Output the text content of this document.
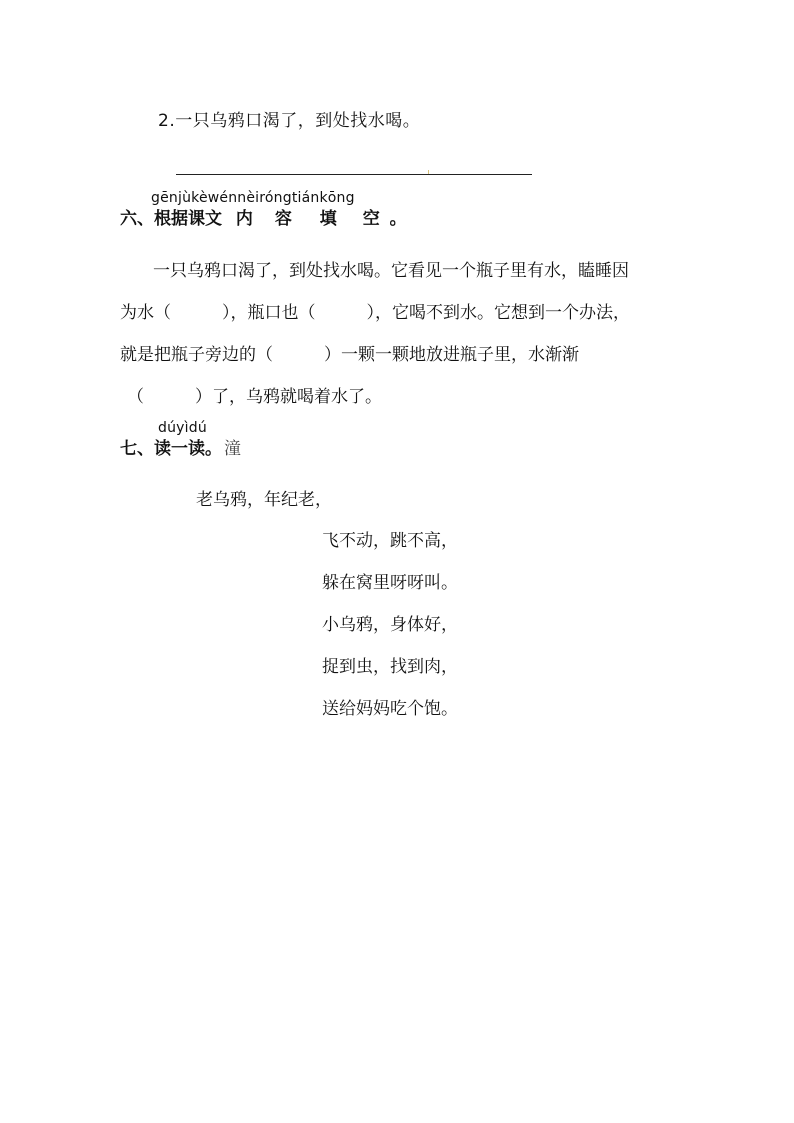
2.一只乌鸦口渴了，到处找水喝。
gēnjùkèwénnèiróngtiánkōng
六、根据课文 内 容 填 空 。
一只乌鸦口渴了，到处找水喝。它看见一个瓶子里有水，瞌睡因
为水（　　　），瓶口也（　　　），它喝不到水。它想到一个办法，
就是把瓶子旁边的（　　　）一颗一颗地放进瓶子里，水渐渐
（　　　）了，乌鸦就喝着水了。
dúyìdú
七、读一读。 潼
老乌鸦，年纪老，
飞不动，跳不高，
躲在窝里呀呀叫。
小乌鸦，身体好，
捉到虫，找到肉，
送给妈妈吃个饱。
